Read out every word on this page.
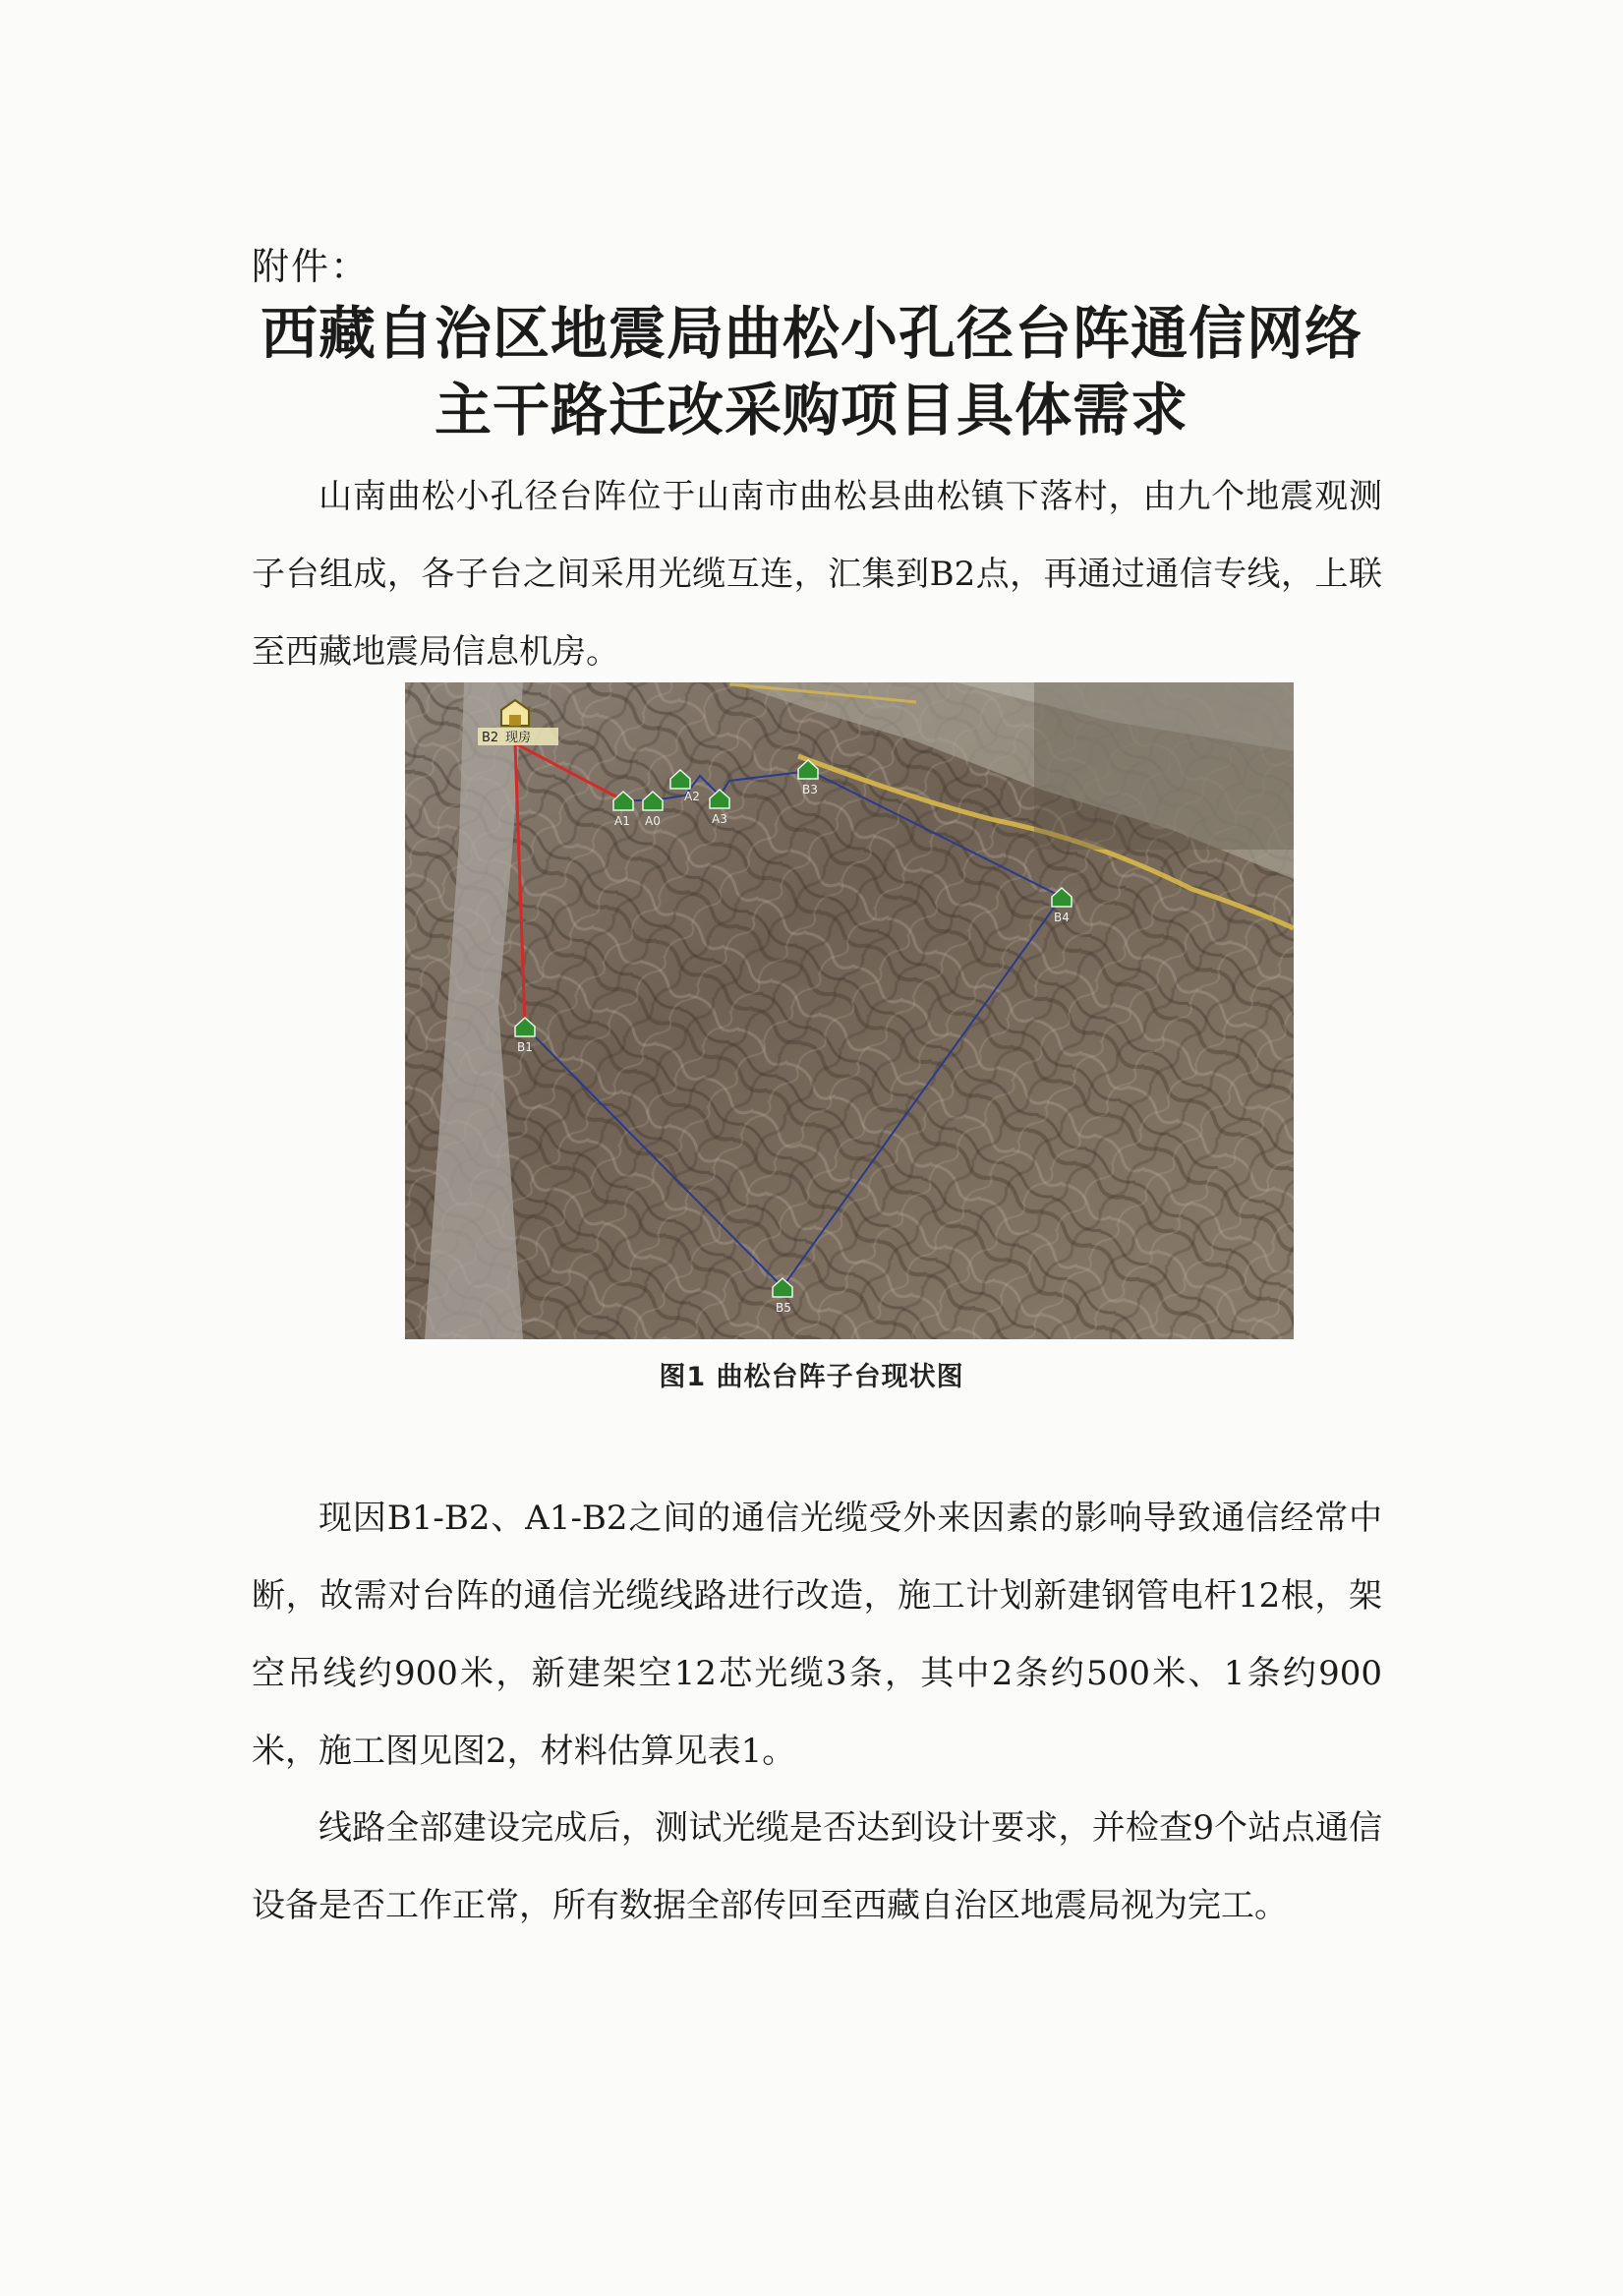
附件：
西藏自治区地震局曲松小孔径台阵通信网络
主干路迁改采购项目具体需求

山南曲松小孔径台阵位于山南市曲松县曲松镇下落村，由九个地震观测子台组成，各子台之间采用光缆互连，汇集到B2点，再通过通信专线，上联至西藏地震局信息机房。

B2 现房
A1 A0
A2
A3
B3
B4
B1
B5
图1 曲松台阵子台现状图

现因B1-B2、A1-B2之间的通信光缆受外来因素的影响导致通信经常中断，故需对台阵的通信光缆线路进行改造，施工计划新建钢管电杆12根，架空吊线约900米，新建架空12芯光缆3条，其中2条约500米、1条约900米，施工图见图2，材料估算见表1。

线路全部建设完成后，测试光缆是否达到设计要求，并检查9个站点通信设备是否工作正常，所有数据全部传回至西藏自治区地震局视为完工。
